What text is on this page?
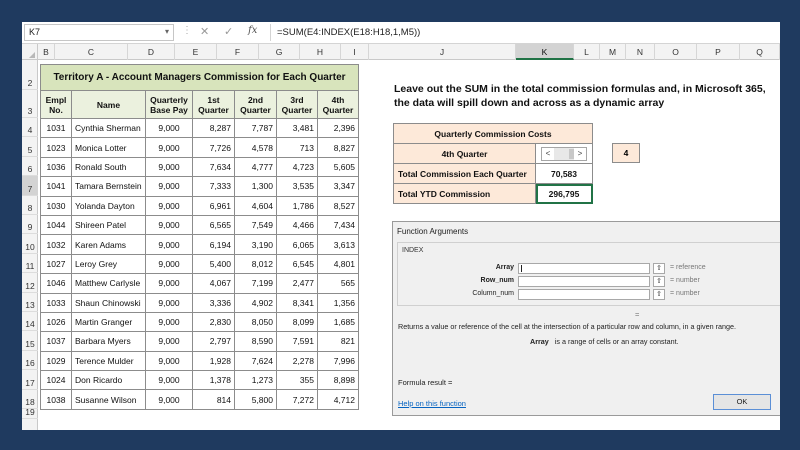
K7	▾ ⋮ ✕ ✓ fx	=SUM(E4:INDEX(E18:H18,1,M5))
B	C	D	E	F	G	H	I	J	K	L	M	N	O	P	Q
2
3
4
5
6
7
8
9
10
11
12
13
14
15
16
17
18
19
Territory A - Account Managers Commission for Each Quarter						
Empl No.	Name	Quarterly Base Pay	1st Quarter	2nd Quarter	3rd Quarter	4th Quarter
1031	Cynthia Sherman	9,000	8,287	7,787	3,481	2,396
1023	Monica Lotter	9,000	7,726	4,578	713	8,827
1036	Ronald South	9,000	7,634	4,777	4,723	5,605
1041	Tamara Bernstein	9,000	7,333	1,300	3,535	3,347
1030	Yolanda Dayton	9,000	6,961	4,604	1,786	8,527
1044	Shireen Patel	9,000	6,565	7,549	4,466	7,434
1032	Karen Adams	9,000	6,194	3,190	6,065	3,613
1027	Leroy Grey	9,000	5,400	8,012	6,545	4,801
1046	Matthew Carlysle	9,000	4,067	7,199	2,477	565
1033	Shaun Chinowski	9,000	3,336	4,902	8,341	1,356
1026	Martin Granger	9,000	2,830	8,050	8,099	1,685
1037	Barbara Myers	9,000	2,797	8,590	7,591	821
1029	Terence Mulder	9,000	1,928	7,624	2,278	7,996
1024	Don Ricardo	9,000	1,378	1,273	355	8,898
1038	Susanne Wilson	9,000	814	5,800	7,272	4,712
Leave out the SUM in the total commission formulas and, in Microsoft 365, the data will spill down and across as a dynamic array
Quarterly Commission Costs	
4th Quarter	< >

Total Commission Each Quarter	70,583
Total YTD Commission	296,795
4
Function Arguments
INDEX
Array	⇧	= reference
Row_num	⇧	= number
Column_num	⇧	= number
=
Returns a value or reference of the cell at the intersection of a particular row and column, in a given range.
Array is a range of cells or an array constant.
Formula result =
Help on this function	OK
